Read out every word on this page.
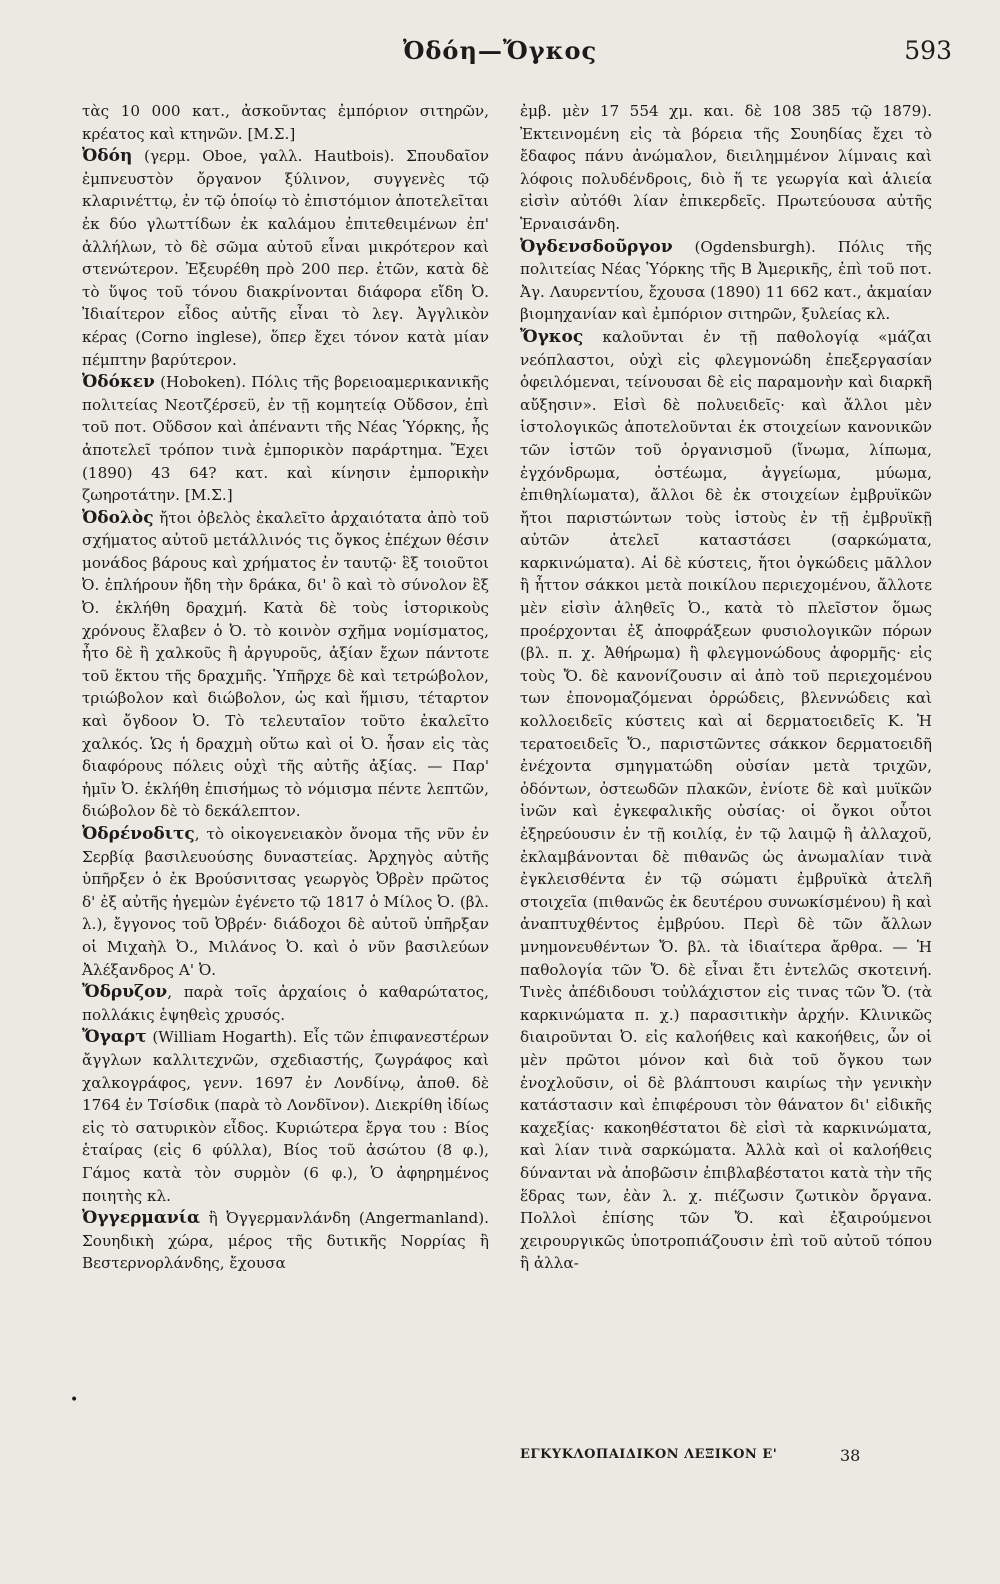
Ὀδόη—Ὄγκος	593

τὰς 10 000 κατ., ἀσκοῦντας ἐμπόριον σιτηρῶν, κρέατος καὶ κτηνῶν. [Μ.Σ.]

Ὀδόη (γερμ. Oboe, γαλλ. Hautbois). Σπουδαῖον ἐμπνευστὸν ὄργανον ξύλινον, συγγενὲς τῷ κλαρινέττῳ, ἐν τῷ ὁποίῳ τὸ ἐπιστόμιον ἀποτελεῖται ἐκ δύο γλωττίδων ἐκ καλάμου ἐπιτεθειμένων ἐπ' ἀλλήλων, τὸ δὲ σῶμα αὐτοῦ εἶναι μικρότερον καὶ στενώτερον. Ἐξευρέθη πρὸ 200 περ. ἐτῶν, κατὰ δὲ τὸ ὕψος τοῦ τόνου διακρίνονται διάφορα εἴδη Ὀ. Ἰδιαίτερον εἶδος αὐτῆς εἶναι τὸ λεγ. Ἀγγλικὸν κέρας (Corno inglese), ὅπερ ἔχει τόνον κατὰ μίαν πέμπτην βαρύτερον.

Ὀδόκεν (Hoboken). Πόλις τῆς βορειοαμερικανικῆς πολιτείας Νεοτζέρσεϋ, ἐν τῇ κομητείᾳ Οὔδσον, ἐπὶ τοῦ ποτ. Οὔδσον καὶ ἀπέναντι τῆς Νέας Ὑόρκης, ἧς ἀποτελεῖ τρόπον τινὰ ἐμπορικὸν παράρτημα. Ἔχει (1890) 43 64? κατ. καὶ κίνησιν ἐμπορικὴν ζωηροτάτην. [Μ.Σ.]

Ὀδολὸς ἤτοι ὀβελὸς ἐκαλεῖτο ἀρχαιότατα ἀπὸ τοῦ σχήματος αὐτοῦ μετάλλινός τις ὄγκος ἐπέχων θέσιν μονάδος βάρους καὶ χρήματος ἐν ταυτῷ· ἓξ τοιοῦτοι Ὀ. ἐπλήρουν ἤδη τὴν δράκα, δι' ὃ καὶ τὸ σύνολον ἓξ Ὀ. ἐκλήθη δραχμή. Κατὰ δὲ τοὺς ἱστορικοὺς χρόνους ἔλαβεν ὁ Ὀ. τὸ κοινὸν σχῆμα νομίσματος, ἦτο δὲ ἢ χαλκοῦς ἢ ἀργυροῦς, ἀξίαν ἔχων πάντοτε τοῦ ἕκτου τῆς δραχμῆς. Ὑπῆρχε δὲ καὶ τετρώβολον, τριώβολον καὶ διώβολον, ὡς καὶ ἥμισυ, τέταρτον καὶ ὄγδοον Ὀ. Τὸ τελευταῖον τοῦτο ἐκαλεῖτο χαλκός. Ὡς ἡ δραχμὴ οὕτω καὶ οἱ Ὀ. ἦσαν εἰς τὰς διαφόρους πόλεις οὐχὶ τῆς αὐτῆς ἀξίας. — Παρ' ἡμῖν Ὀ. ἐκλήθη ἐπισήμως τὸ νόμισμα πέντε λεπτῶν, διώβολον δὲ τὸ δεκάλεπτον.

Ὀδρένοδιτς, τὸ οἰκογενειακὸν ὄνομα τῆς νῦν ἐν Σερβίᾳ βασιλευούσης δυναστείας. Ἀρχηγὸς αὐτῆς ὑπῆρξεν ὁ ἐκ Βρούσνιτσας γεωργὸς Ὀβρὲν πρῶτος δ' ἐξ αὐτῆς ἡγεμὼν ἐγένετο τῷ 1817 ὁ Μίλος Ὀ. (βλ. λ.), ἔγγονος τοῦ Ὀβρέν· διάδοχοι δὲ αὐτοῦ ὑπῆρξαν οἱ Μιχαὴλ Ὀ., Μιλάνος Ὀ. καὶ ὁ νῦν βασιλεύων Ἀλέξανδρος Α' Ὀ.

Ὄδρυζον, παρὰ τοῖς ἀρχαίοις ὁ καθαρώτατος, πολλάκις ἑψηθεὶς χρυσός.

Ὄγαρτ (William Hogarth). Εἷς τῶν ἐπιφανεστέρων ἄγγλων καλλιτεχνῶν, σχεδιαστής, ζωγράφος καὶ χαλκογράφος, γενν. 1697 ἐν Λονδίνῳ, ἀποθ. δὲ 1764 ἐν Τσίσδικ (παρὰ τὸ Λονδῖνον). Διεκρίθη ἰδίως εἰς τὸ σατυρικὸν εἶδος. Κυριώτερα ἔργα του : Βίος ἑταίρας (εἰς 6 φύλλα), Βίος τοῦ ἀσώτου (8 φ.), Γάμος κατὰ τὸν συρμὸν (6 φ.), Ὁ ἀφηρημένος ποιητὴς κλ.

Ὀγγερμανία ἢ Ὀγγερμανλάνδη (Angermanland). Σουηδικὴ χώρα, μέρος τῆς δυτικῆς Νορρίας ἢ Βεστερνορλάνδης, ἔχουσα

•

ἐμβ. μὲν 17 554 χμ. και. δὲ 108 385 τῷ 1879). Ἐκτεινομένη εἰς τὰ βόρεια τῆς Σουηδίας ἔχει τὸ ἔδαφος πάνυ ἀνώμαλον, διειλημμένον λίμναις καὶ λόφοις πολυδένδροις, διὸ ἥ τε γεωργία καὶ ἁλιεία εἰσὶν αὐτόθι λίαν ἐπικερδεῖς. Πρωτεύουσα αὐτῆς Ἑρναισάνδη.

Ὀγδενσδοῦργον (Ogdensburgh). Πόλις τῆς πολιτείας Νέας Ὑόρκης τῆς Β Ἀμερικῆς, ἐπὶ τοῦ ποτ. Ἀγ. Λαυρεντίου, ἔχουσα (1890) 11 662 κατ., ἀκμαίαν βιομηχανίαν καὶ ἐμπόριον σιτηρῶν, ξυλείας κλ.

Ὄγκος καλοῦνται ἐν τῇ παθολογίᾳ «μάζαι νεόπλαστοι, οὐχὶ εἰς φλεγμονώδη ἐπεξεργασίαν ὀφειλόμεναι, τείνουσαι δὲ εἰς παραμονὴν καὶ διαρκῆ αὔξησιν». Εἰσὶ δὲ πολυειδεῖς· καὶ ἄλλοι μὲν ἱστολογικῶς ἀποτελοῦνται ἐκ στοιχείων κανονικῶν τῶν ἱστῶν τοῦ ὀργανισμοῦ (ἴνωμα, λίπωμα, ἐγχόνδρωμα, ὀστέωμα, ἀγγείωμα, μύωμα, ἐπιθηλίωματα), ἄλλοι δὲ ἐκ στοιχείων ἐμβρυϊκῶν ἤτοι παριστώντων τοὺς ἱστοὺς ἐν τῇ ἐμβρυϊκῇ αὐτῶν ἀτελεῖ καταστάσει (σαρκώματα, καρκινώματα). Αἱ δὲ κύστεις, ἤτοι ὀγκώδεις μᾶλλον ἢ ἧττον σάκκοι μετὰ ποικίλου περιεχομένου, ἄλλοτε μὲν εἰσὶν ἀληθεῖς Ὀ., κατὰ τὸ πλεῖστον ὅμως προέρχονται ἐξ ἀποφράξεων φυσιολογικῶν πόρων (βλ. π. χ. Ἀθήρωμα) ἢ φλεγμονώδους ἀφορμῆς· εἰς τοὺς Ὄ. δὲ κανονίζουσιν αἱ ἀπὸ τοῦ περιεχομένου των ἐπονομαζόμεναι ὀρρώδεις, βλεννώδεις καὶ κολλοειδεῖς κύστεις καὶ αἱ δερματοειδεῖς Κ. Ἡ τερατοειδεῖς Ὄ., παριστῶντες σάκκον δερματοειδῆ ἐνέχοντα σμηγματώδη οὐσίαν μετὰ τριχῶν, ὀδόντων, ὀστεωδῶν πλακῶν, ἐνίοτε δὲ καὶ μυϊκῶν ἰνῶν καὶ ἐγκεφαλικῆς οὐσίας· οἱ ὄγκοι οὗτοι ἐξηρεύουσιν ἐν τῇ κοιλίᾳ, ἐν τῷ λαιμῷ ἢ ἀλλαχοῦ, ἐκλαμβάνονται δὲ πιθανῶς ὡς ἀνωμαλίαν τινὰ ἐγκλεισθέντα ἐν τῷ σώματι ἐμβρυϊκὰ ἀτελῆ στοιχεῖα (πιθανῶς ἐκ δευτέρου συνωκίσμένου) ἢ καὶ ἀναπτυχθέντος ἐμβρύου. Περὶ δὲ τῶν ἄλλων μνημονευθέντων Ὄ. βλ. τὰ ἰδιαίτερα ἄρθρα. — Ἡ παθολογία τῶν Ὄ. δὲ εἶναι ἔτι ἐντελῶς σκοτεινή. Τινὲς ἀπέδιδουσι τοὐλάχιστον εἰς τινας τῶν Ὄ. (τὰ καρκινώματα π. χ.) παρασιτικὴν ἀρχήν. Κλινικῶς διαιροῦνται Ὀ. εἰς καλοήθεις καὶ κακοήθεις, ὧν οἱ μὲν πρῶτοι μόνον καὶ διὰ τοῦ ὄγκου των ἐνοχλοῦσιν, οἱ δὲ βλάπτουσι καιρίως τὴν γενικὴν κατάστασιν καὶ ἐπιφέρουσι τὸν θάνατον δι' εἰδικῆς καχεξίας· κακοηθέστατοι δὲ εἰσὶ τὰ καρκινώματα, καὶ λίαν τινὰ σαρκώματα. Ἀλλὰ καὶ οἱ καλοήθεις δύνανται νὰ ἀποβῶσιν ἐπιβλαβέστατοι κατὰ τὴν τῆς ἕδρας των, ἐὰν λ. χ. πιέζωσιν ζωτικὸν ὄργανα. Πολλοὶ ἐπίσης τῶν Ὄ. καὶ ἐξαιρούμενοι χειρουργικῶς ὑποτροπιάζουσιν ἐπὶ τοῦ αὐτοῦ τόπου ἢ ἀλλα-

ΕΓΚΥΚΛΟΠΑΙΔΙΚΟΝ ΛΕΞΙΚΟΝ Ε'	38
